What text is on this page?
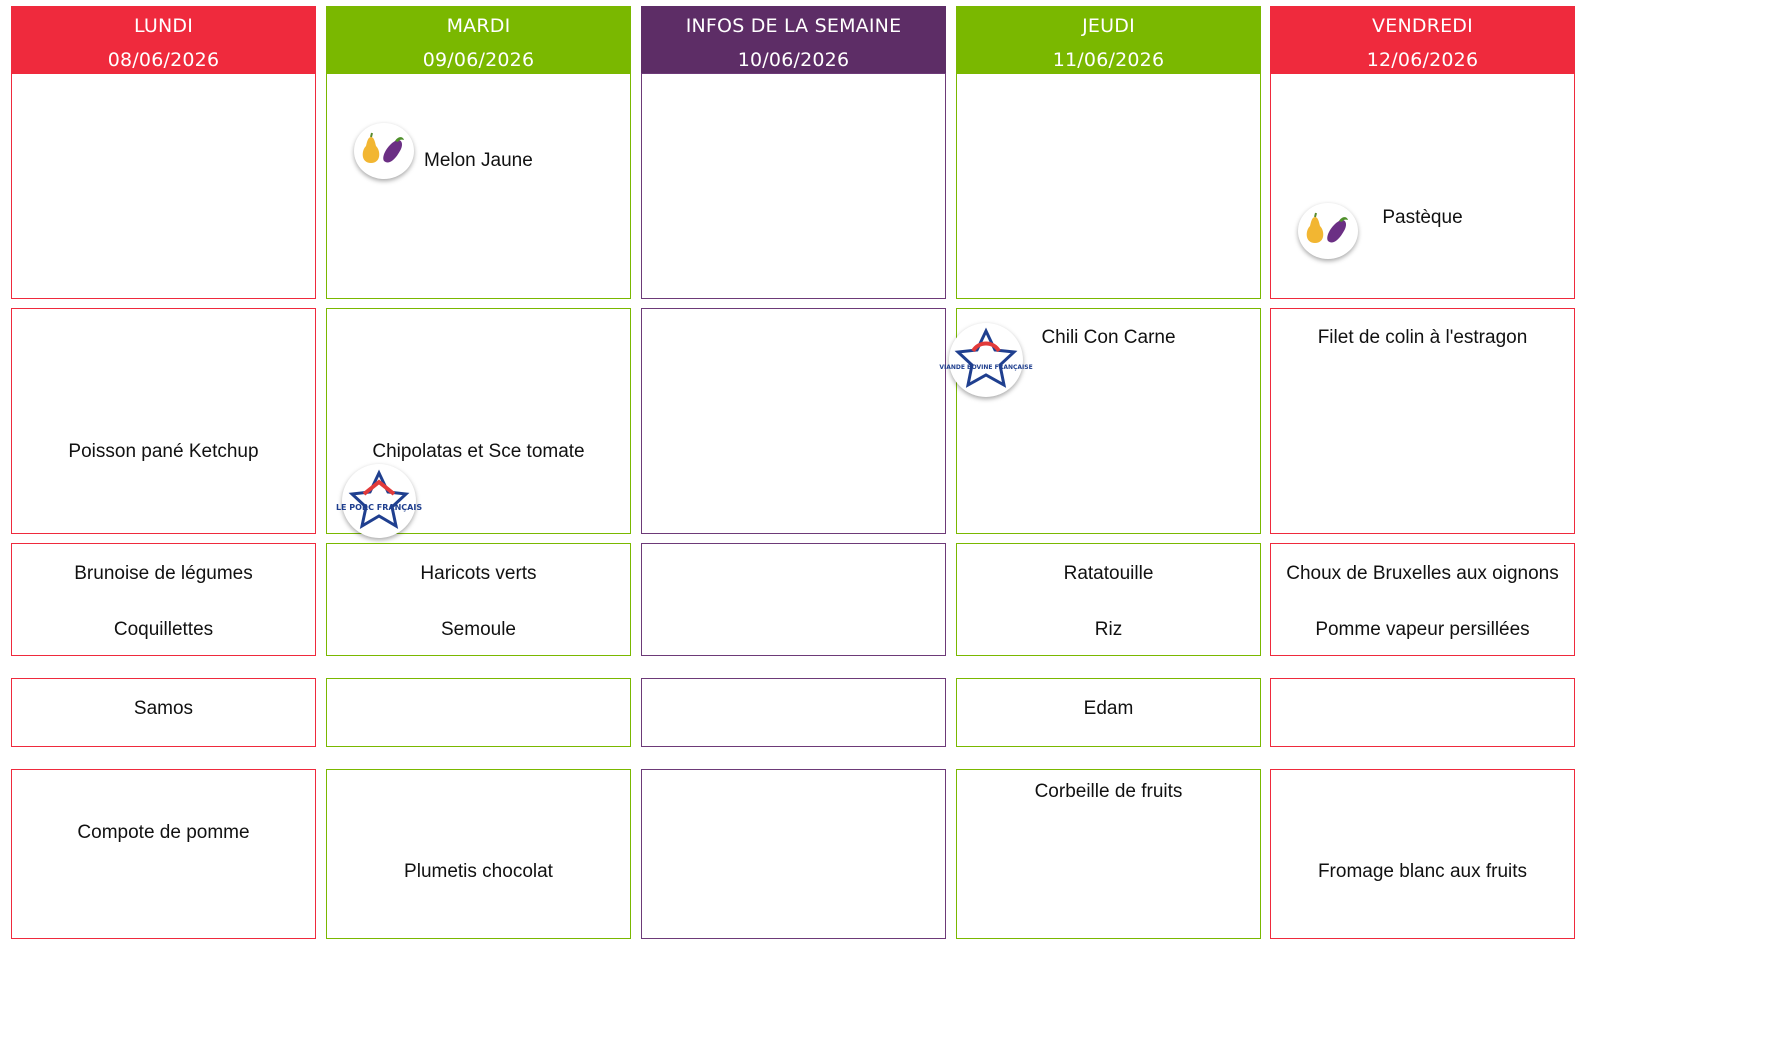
LUNDI
08/06/2026
Poisson pané Ketchup
Brunoise de légumes
Coquillettes
Samos
Compote de pomme
MARDI
09/06/2026
Melon Jaune
Chipolatas et Sce tomate
LE PORC FRANÇAIS
Haricots verts
Semoule
Plumetis chocolat
INFOS DE LA SEMAINE
10/06/2026
JEUDI
11/06/2026
Chili Con Carne
Ratatouille
Riz
Edam
Corbeille de fruits
VIANDE BOVINE FRANÇAISE
VENDREDI
12/06/2026
Pastèque
Filet de colin à l'estragon
Choux de Bruxelles aux oignons
Pomme vapeur persillées
Fromage blanc aux fruits
